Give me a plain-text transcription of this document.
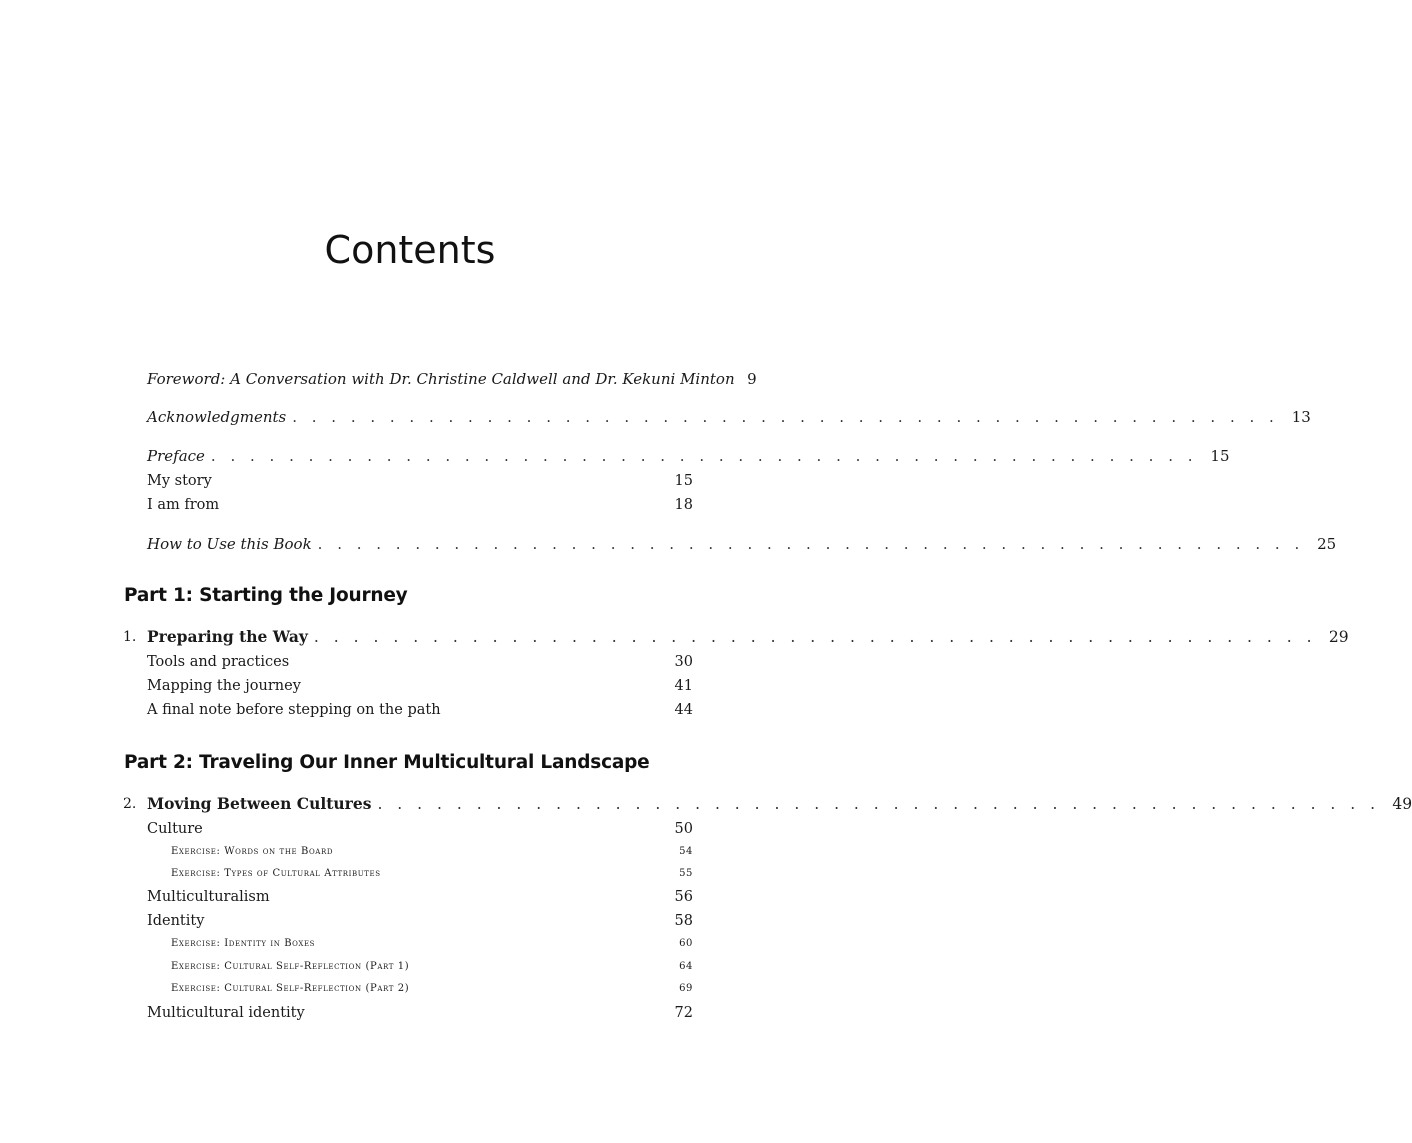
Contents
Foreword: A Conversation with Dr. Christine Caldwell and Dr. Kekuni Minton 9
Acknowledgments . . . . . . . . . . . . . . . . . . . . . . . . . . . . . . . . . . . . . . . . . . . . . . . . . . . 13
Preface . . . . . . . . . . . . . . . . . . . . . . . . . . . . . . . . . . . . . . . . . . . . . . . . . . . 15
My story	15
I am from	18
How to Use this Book . . . . . . . . . . . . . . . . . . . . . . . . . . . . . . . . . . . . . . . . . . . . . . . . . . . 25
Part 1: Starting the Journey
1. Preparing the Way . . . . . . . . . . . . . . . . . . . . . . . . . . . . . . . . . . . . . . . . . . . . . . . . . . . 29
Tools and practices	30
Mapping the journey	41
A final note before stepping on the path	44
Part 2: Traveling Our Inner Multicultural Landscape
2. Moving Between Cultures . . . . . . . . . . . . . . . . . . . . . . . . . . . . . . . . . . . . . . . . . . . . . . . . . . . 49
Culture	50
Exercise: Words on the Board	54
Exercise: Types of Cultural Attributes	55
Multiculturalism	56
Identity	58
Exercise: Identity in Boxes	60
Exercise: Cultural Self-Reflection (Part 1)	64
Exercise: Cultural Self-Reflection (Part 2)	69
Multicultural identity	72
